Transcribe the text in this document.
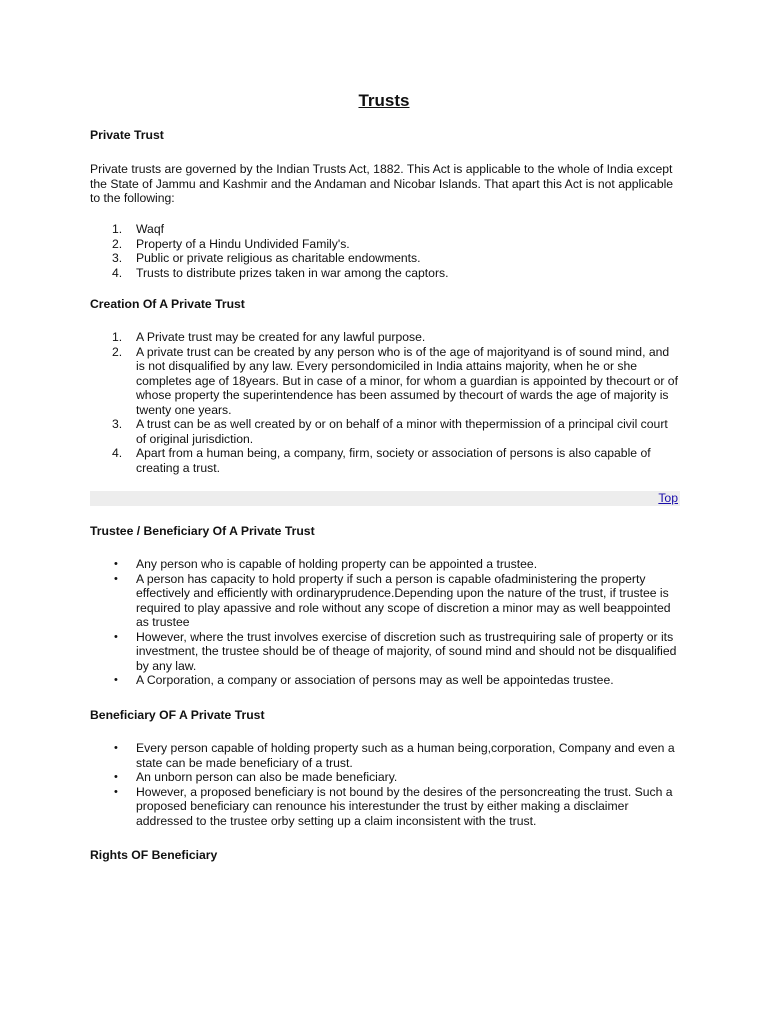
Trusts
Private Trust

Private trusts are governed by the Indian Trusts Act, 1882. This Act is applicable to the whole of India except the State of Jammu and Kashmir and the Andaman and Nicobar Islands. That apart this Act is not applicable to the following:

1. Waqf
2. Property of a Hindu Undivided Family's.
3. Public or private religious as charitable endowments.
4. Trusts to distribute prizes taken in war among the captors.
Creation Of A Private Trust
1. A Private trust may be created for any lawful purpose.
2. A private trust can be created by any person who is of the age of majorityand is of sound mind, and is not disqualified by any law. Every persondomiciled in India attains majority, when he or she completes age of 18years. But in case of a minor, for whom a guardian is appointed by thecourt or of whose property the superintendence has been assumed by thecourt of wards the age of majority is twenty one years.
3. A trust can be as well created by or on behalf of a minor with thepermission of a principal civil court of original jurisdiction.
4. Apart from a human being, a company, firm, society or association of persons is also capable of creating a trust.
Top
Trustee / Beneficiary Of A Private Trust
• Any person who is capable of holding property can be appointed a trustee.
• A person has capacity to hold property if such a person is capable ofadministering the property effectively and efficiently with ordinaryprudence.Depending upon the nature of the trust, if trustee is required to play apassive and role without any scope of discretion a minor may as well beappointed as trustee
• However, where the trust involves exercise of discretion such as trustrequiring sale of property or its investment, the trustee should be of theage of majority, of sound mind and should not be disqualified by any law.
• A Corporation, a company or association of persons may as well be appointedas trustee.
Beneficiary OF A Private Trust
• Every person capable of holding property such as a human being,corporation, Company and even a state can be made beneficiary of a trust.
• An unborn person can also be made beneficiary.
• However, a proposed beneficiary is not bound by the desires of the personcreating the trust. Such a proposed beneficiary can renounce his interestunder the trust by either making a disclaimer addressed to the trustee orby setting up a claim inconsistent with the trust.
Rights OF Beneficiary
